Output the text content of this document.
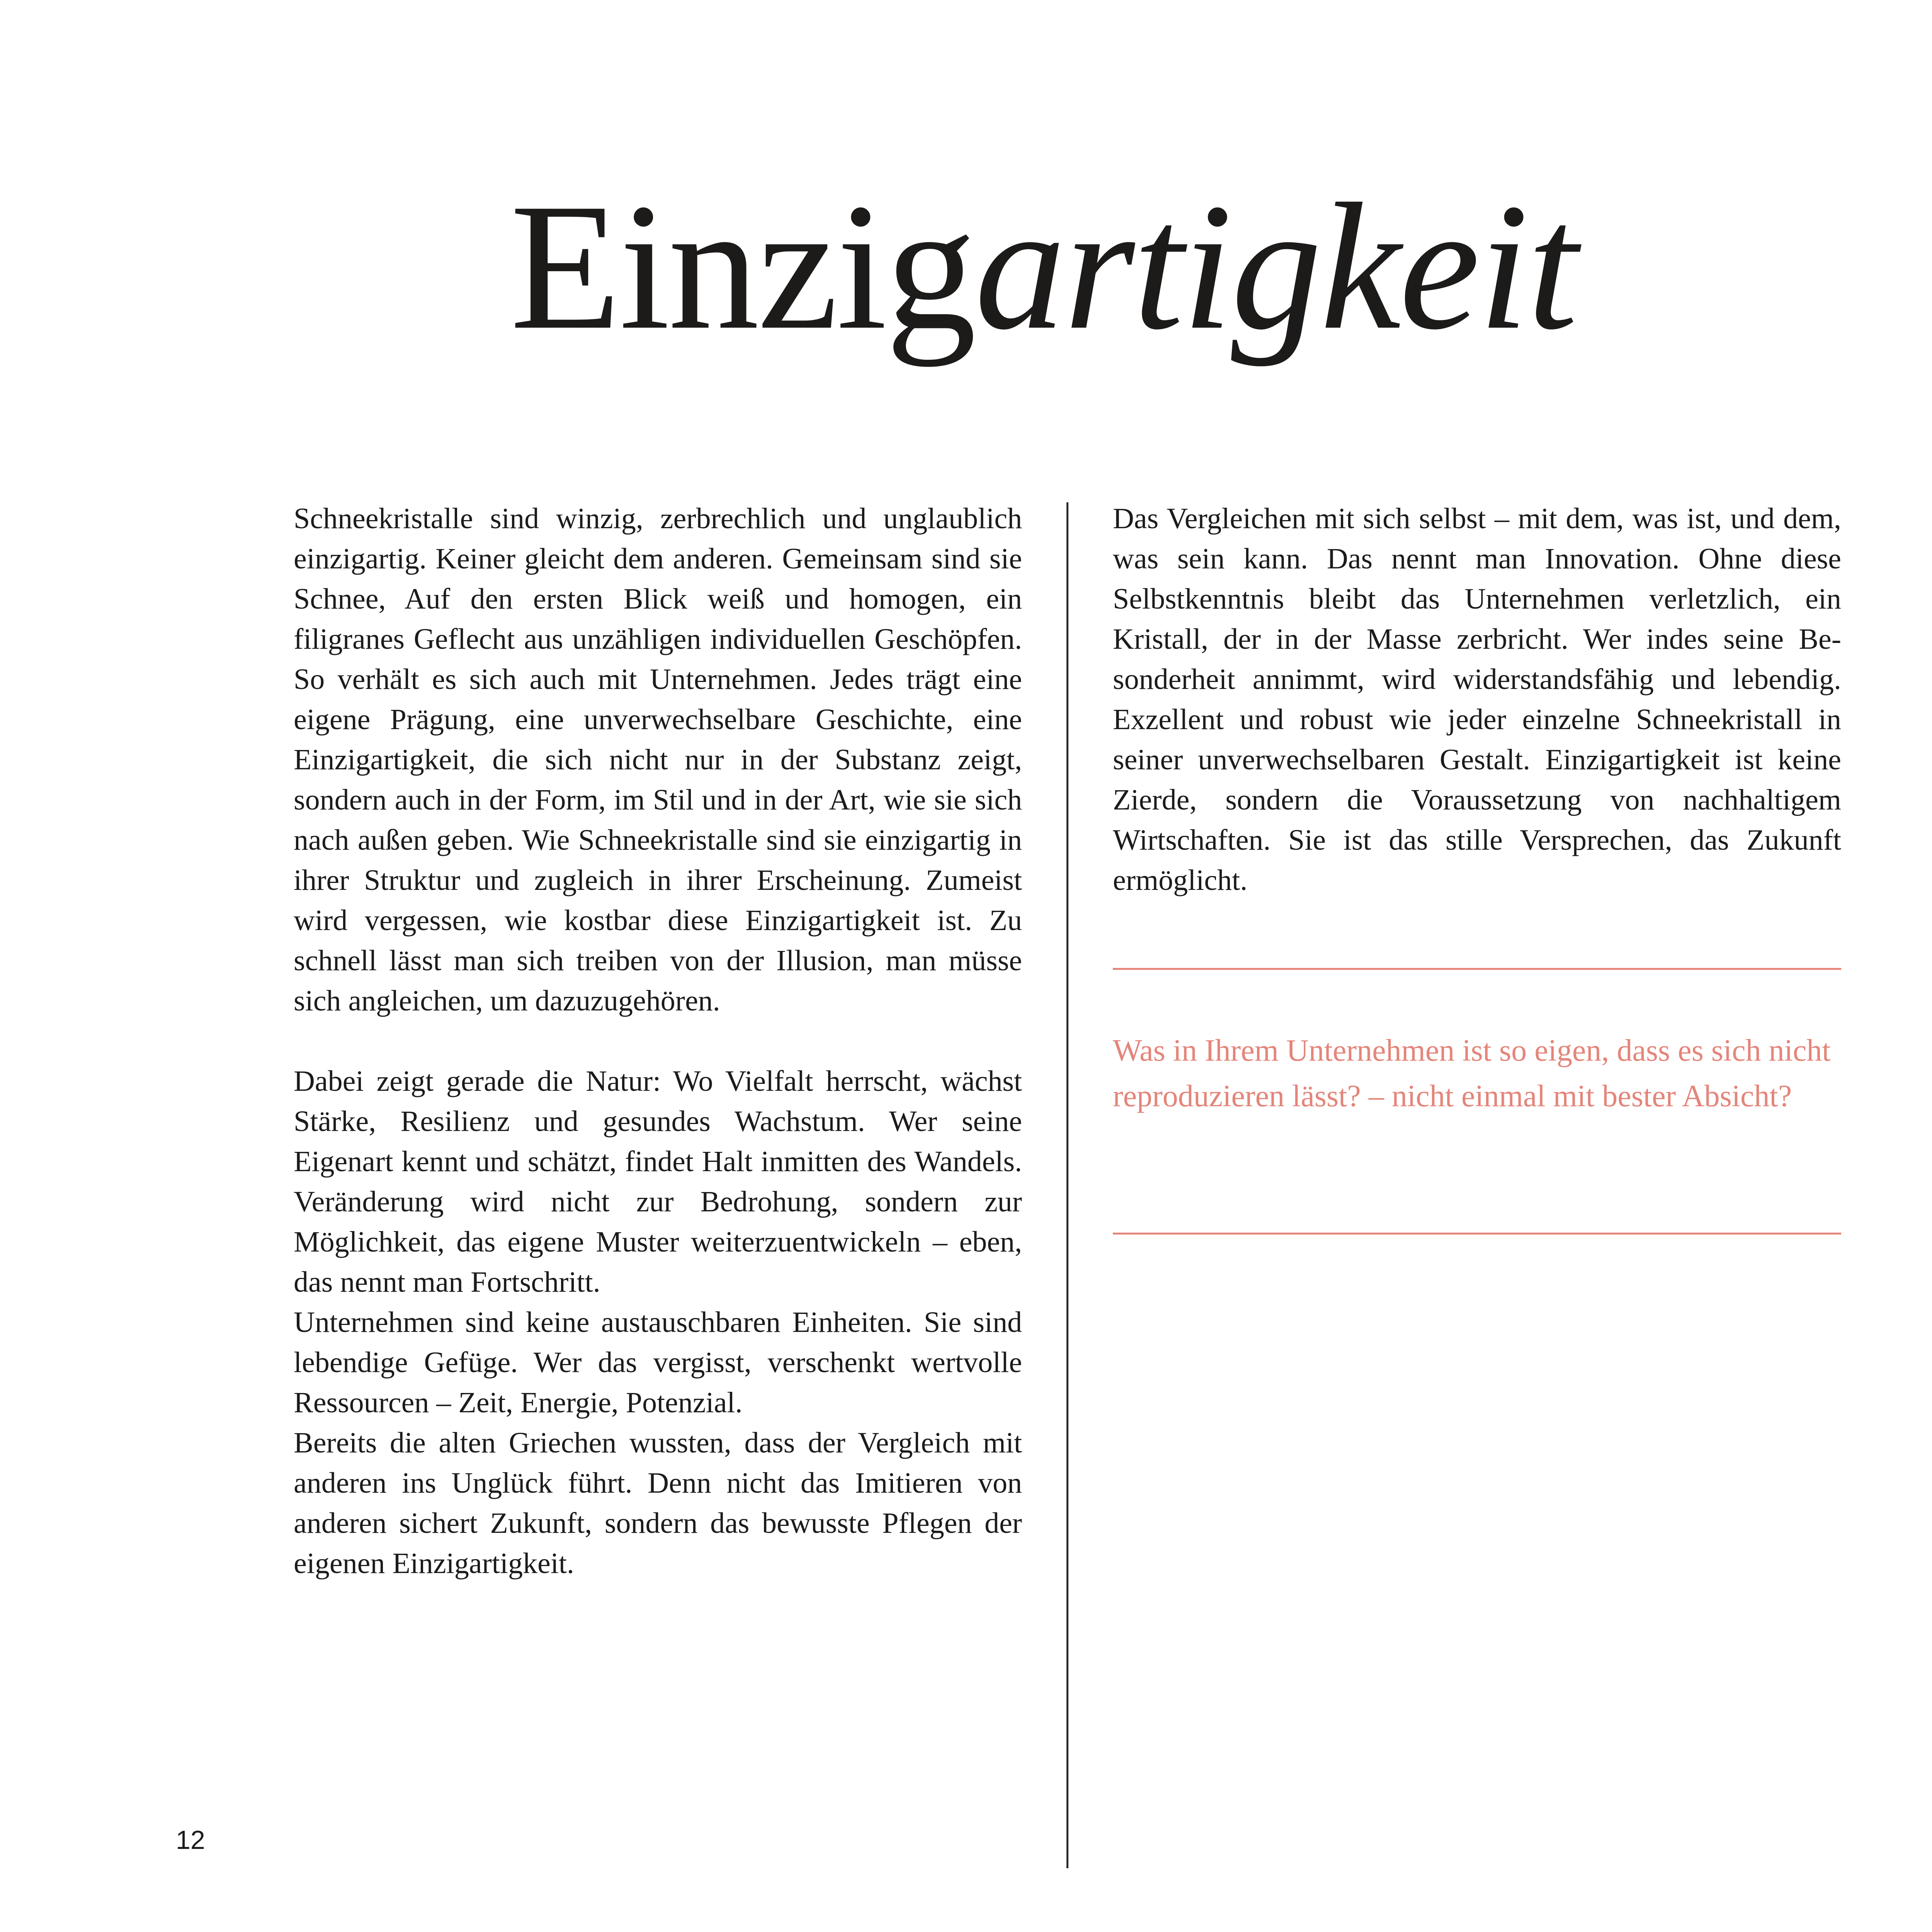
Einzigartigkeit

Schneekristalle sind winzig, zerbrechlich und unglaublich einzigartig. Keiner gleicht dem anderen. Gemeinsam sind sie Schnee, Auf den ersten Blick weiß und homogen, ein filigranes Geflecht aus unzähligen individuellen Geschöpfen. So verhält es sich auch mit Unternehmen. Jedes trägt eine eigene Prägung, eine unverwechselbare Geschichte, eine Einzigartigkeit, die sich nicht nur in der Substanz zeigt, sondern auch in der Form, im Stil und in der Art, wie sie sich nach außen geben. Wie Schneekristalle sind sie einzigartig in ihrer Struktur und zugleich in ihrer Erscheinung. Zumeist wird vergessen, wie kostbar diese Einzigartigkeit ist. Zu schnell lässt man sich treiben von der Illusion, man müsse sich angleichen, um dazuzugehören.

Dabei zeigt gerade die Natur: Wo Vielfalt herrscht, wächst Stärke, Resilienz und gesundes Wachstum. Wer seine Eigenart kennt und schätzt, findet Halt inmitten des Wandels. Veränderung wird nicht zur Bedrohung, sondern zur Möglichkeit, das eigene Muster weiterzuentwickeln – eben, das nennt man Fortschritt.

Unternehmen sind keine austauschbaren Einheiten. Sie sind lebendige Gefüge. Wer das vergisst, verschenkt wertvolle Ressourcen – Zeit, Energie, Potenzial.

Bereits die alten Griechen wussten, dass der Vergleich mit anderen ins Unglück führt. Denn nicht das Imitieren von anderen sichert Zukunft, sondern das bewusste Pflegen der eigenen Einzigartigkeit.

Das Vergleichen mit sich selbst – mit dem, was ist, und dem, was sein kann. Das nennt man Innovation. Ohne diese Selbstkenntnis bleibt das Unternehmen verletzlich, ein Kristall, der in der Masse zerbricht. Wer indes seine Besonderheit annimmt, wird widerstandsfähig und lebendig. Exzellent und robust wie jeder einzelne Schneekristall in seiner unverwechselbaren Gestalt. Einzigartigkeit ist keine Zierde, sondern die Voraussetzung von nachhaltigem Wirtschaften. Sie ist das stille Versprechen, das Zukunft ermöglicht.

Was in Ihrem Unternehmen ist so eigen, dass es sich nicht reproduzieren lässt? – nicht einmal mit bester Absicht?

12
